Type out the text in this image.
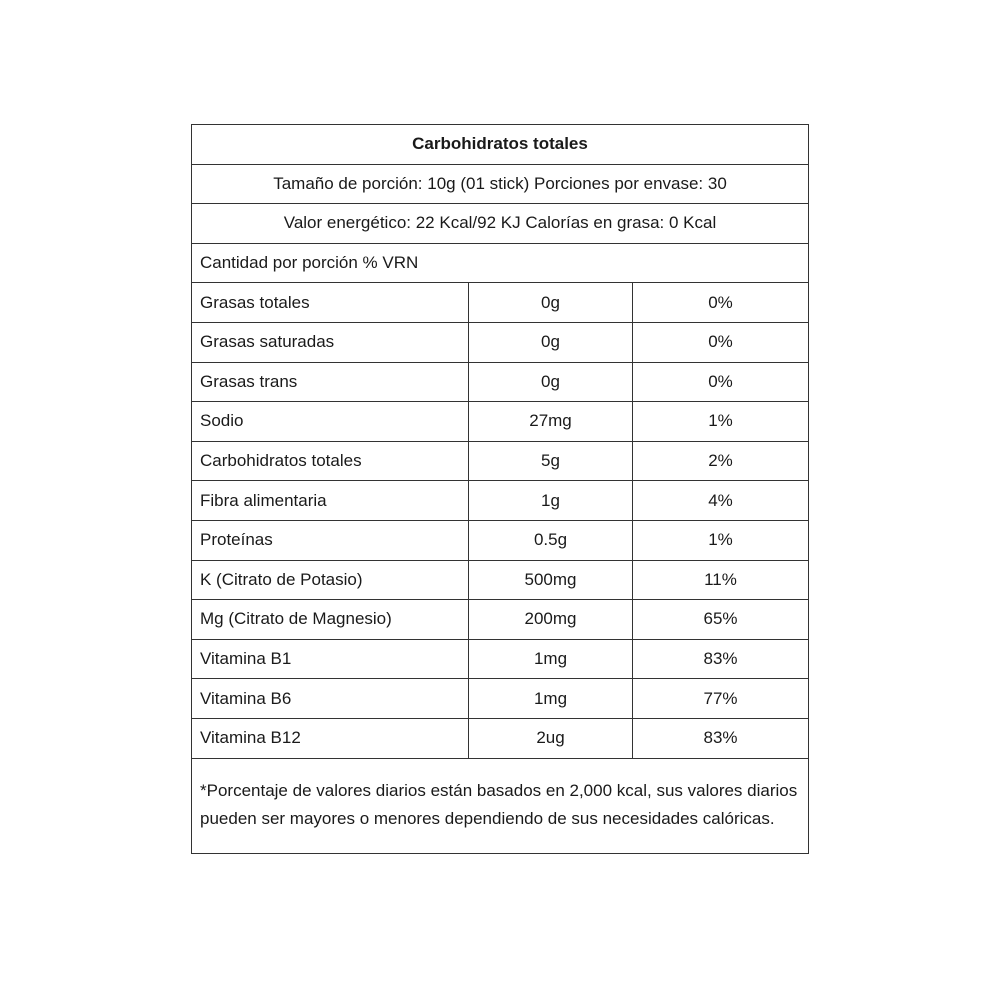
Carbohidratos totales
Tamaño de porción: 10g (01 stick) Porciones por envase: 30
Valor energético: 22 Kcal/92 KJ Calorías en grasa: 0 Kcal
Cantidad por porción % VRN
Grasas totales	0g	0%
Grasas saturadas	0g	0%
Grasas trans	0g	0%
Sodio	27mg	1%
Carbohidratos totales	5g	2%
Fibra alimentaria	1g	4%
Proteínas	0.5g	1%
K (Citrato de Potasio)	500mg	11%
Mg (Citrato de Magnesio)	200mg	65%
Vitamina B1	1mg	83%
Vitamina B6	1mg	77%
Vitamina B12	2ug	83%
*Porcentaje de valores diarios están basados en 2,000 kcal, sus valores diarios pueden ser mayores o menores dependiendo de sus necesidades calóricas.
